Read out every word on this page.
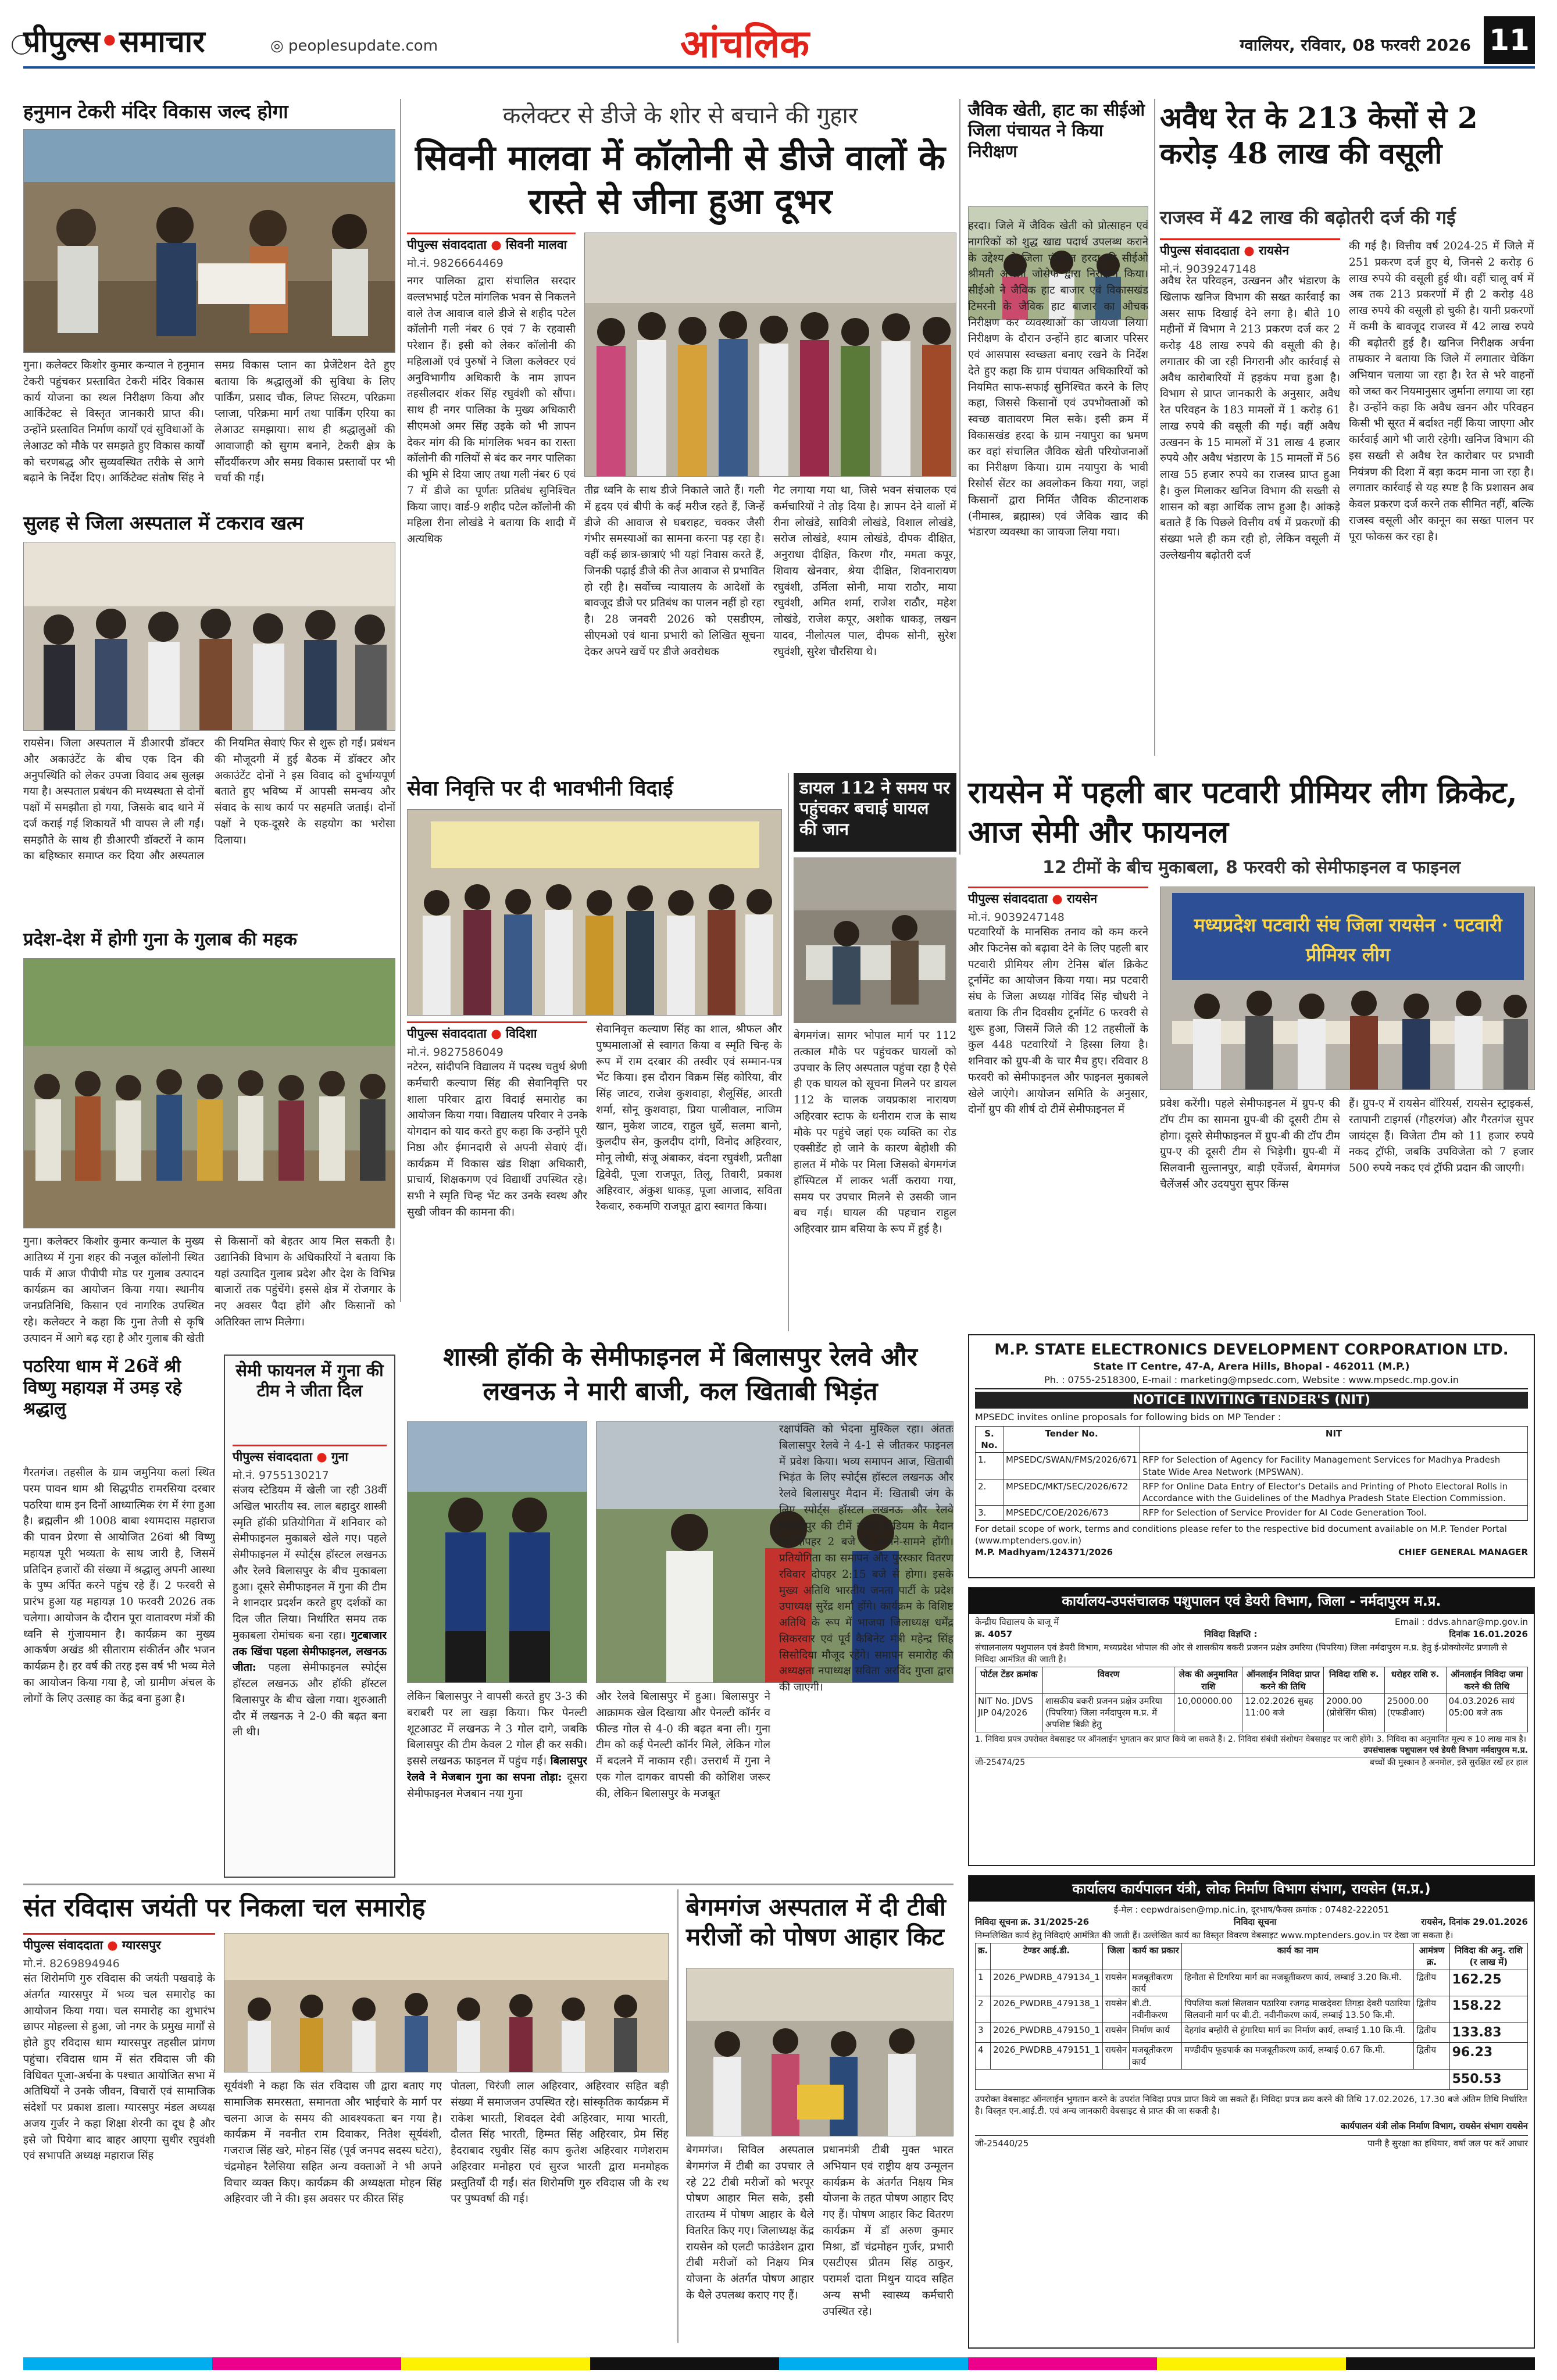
पीपुल्स•समाचार	◎ peoplesupdate.com	आंचलिक	ग्वालियर, रविवार, 08 फरवरी 2026 11
हनुमान टेकरी मंदिर विकास जल्द होगा
गुना। कलेक्टर किशोर कुमार कन्याल ने हनुमान टेकरी पहुंचकर प्रस्तावित टेकरी मंदिर विकास कार्य योजना का स्थल निरीक्षण किया और आर्किटेक्ट से विस्तृत जानकारी प्राप्त की। उन्होंने प्रस्तावित निर्माण कार्यों एवं सुविधाओं के लेआउट को मौके पर समझते हुए विकास कार्यों को चरणबद्ध और सुव्यवस्थित तरीके से आगे बढ़ाने के निर्देश दिए। आर्किटेक्ट संतोष सिंह ने समग्र विकास प्लान का प्रेजेंटेशन देते हुए बताया कि श्रद्धालुओं की सुविधा के लिए पार्किंग, प्रसाद चौक, लिफ्ट सिस्टम, परिक्रमा प्लाजा, परिक्रमा मार्ग तथा पार्किंग एरिया का लेआउट समझाया। साथ ही श्रद्धालुओं की आवाजाही को सुगम बनाने, टेकरी क्षेत्र के सौंदर्यीकरण और समग्र विकास प्रस्तावों पर भी चर्चा की गई।
सुलह से जिला अस्पताल में टकराव खत्म
रायसेन। जिला अस्पताल में डीआरपी डॉक्टर और अकाउंटेंट के बीच एक दिन की अनुपस्थिति को लेकर उपजा विवाद अब सुलझ गया है। अस्पताल प्रबंधन की मध्यस्थता से दोनों पक्षों में समझौता हो गया, जिसके बाद थाने में दर्ज कराई गई शिकायतें भी वापस ले ली गईं। समझौते के साथ ही डीआरपी डॉक्टरों ने काम का बहिष्कार समाप्त कर दिया और अस्पताल की नियमित सेवाएं फिर से शुरू हो गईं। प्रबंधन की मौजूदगी में हुई बैठक में डॉक्टर और अकाउंटेंट दोनों ने इस विवाद को दुर्भाग्यपूर्ण बताते हुए भविष्य में आपसी समन्वय और संवाद के साथ कार्य पर सहमति जताई। दोनों पक्षों ने एक-दूसरे के सहयोग का भरोसा दिलाया।
प्रदेश-देश में होगी गुना के गुलाब की महक
गुना। कलेक्टर किशोर कुमार कन्याल के मुख्य आतिथ्य में गुना शहर की नजूल कॉलोनी स्थित पार्क में आज पीपीपी मोड पर गुलाब उत्पादन कार्यक्रम का आयोजन किया गया। स्थानीय जनप्रतिनिधि, किसान एवं नागरिक उपस्थित रहे। कलेक्टर ने कहा कि गुना तेजी से कृषि उत्पादन में आगे बढ़ रहा है और गुलाब की खेती से किसानों को बेहतर आय मिल सकती है। उद्यानिकी विभाग के अधिकारियों ने बताया कि यहां उत्पादित गुलाब प्रदेश और देश के विभिन्न बाजारों तक पहुंचेंगे। इससे क्षेत्र में रोजगार के नए अवसर पैदा होंगे और किसानों को अतिरिक्त लाभ मिलेगा।
पठरिया धाम में 26वें श्री विष्णु महायज्ञ में उमड़ रहे श्रद्धालु
गैरतगंज। तहसील के ग्राम जमुनिया कलां स्थित परम पावन धाम श्री सिद्धपीठ रामरसिया दरबार पठरिया धाम इन दिनों आध्यात्मिक रंग में रंगा हुआ है। ब्रह्मलीन श्री 1008 बाबा श्यामदास महाराज की पावन प्रेरणा से आयोजित 26वां श्री विष्णु महायज्ञ पूरी भव्यता के साथ जारी है, जिसमें प्रतिदिन हजारों की संख्या में श्रद्धालु अपनी आस्था के पुष्प अर्पित करने पहुंच रहे हैं। 2 फरवरी से प्रारंभ हुआ यह महायज्ञ 10 फरवरी 2026 तक चलेगा। आयोजन के दौरान पूरा वातावरण मंत्रों की ध्वनि से गुंजायमान है। कार्यक्रम का मुख्य आकर्षण अखंड श्री सीताराम संकीर्तन और भजन कार्यक्रम है। हर वर्ष की तरह इस वर्ष भी भव्य मेले का आयोजन किया गया है, जो ग्रामीण अंचल के लोगों के लिए उत्साह का केंद्र बना हुआ है।
सेमी फायनल में गुना की टीम ने जीता दिल
पीपुल्स संवाददाता ● गुना
मो.नं. 9755130217
संजय स्टेडियम में खेली जा रही 38वीं अखिल भारतीय स्व. लाल बहादुर शास्त्री स्मृति हॉकी प्रतियोगिता में शनिवार को सेमीफाइनल मुकाबले खेले गए। पहले सेमीफाइनल में स्पोर्ट्स हॉस्टल लखनऊ और रेलवे बिलासपुर के बीच मुकाबला हुआ। दूसरे सेमीफाइनल में गुना की टीम ने शानदार प्रदर्शन करते हुए दर्शकों का दिल जीत लिया। निर्धारित समय तक मुकाबला रोमांचक बना रहा। गुटबाजार तक खिंचा पहला सेमीफाइनल, लखनऊ जीता: पहला सेमीफाइनल स्पोर्ट्स हॉस्टल लखनऊ और हॉकी हॉस्टल बिलासपुर के बीच खेला गया। शुरुआती दौर में लखनऊ ने 2-0 की बढ़त बना ली थी।
कलेक्टर से डीजे के शोर से बचाने की गुहार
सिवनी मालवा में कॉलोनी से डीजे वालों के रास्ते से जीना हुआ दूभर
पीपुल्स संवाददाता ● सिवनी मालवा
मो.नं. 9826664469
नगर पालिका द्वारा संचालित सरदार वल्लभभाई पटेल मांगलिक भवन से निकलने वाले तेज आवाज वाले डीजे से शहीद पटेल कॉलोनी गली नंबर 6 एवं 7 के रहवासी परेशान हैं। इसी को लेकर कॉलोनी की महिलाओं एवं पुरुषों ने जिला कलेक्टर एवं अनुविभागीय अधिकारी के नाम ज्ञापन तहसीलदार शंकर सिंह रघुवंशी को सौंपा। साथ ही नगर पालिका के मुख्य अधिकारी सीएमओ अमर सिंह उइके को भी ज्ञापन देकर मांग की कि मांगलिक भवन का रास्ता कॉलोनी की गलियों से बंद कर नगर पालिका की भूमि से दिया जाए तथा गली नंबर 6 एवं 7 में डीजे का पूर्णतः प्रतिबंध सुनिश्चित किया जाए। वार्ड-9 शहीद पटेल कॉलोनी की महिला रीना लोखंडे ने बताया कि शादी में अत्यधिक
तीव्र ध्वनि के साथ डीजे निकाले जाते हैं। गली में हृदय एवं बीपी के कई मरीज रहते हैं, जिन्हें डीजे की आवाज से घबराहट, चक्कर जैसी गंभीर समस्याओं का सामना करना पड़ रहा है। वहीं कई छात्र-छात्राएं भी यहां निवास करते हैं, जिनकी पढ़ाई डीजे की तेज आवाज से प्रभावित हो रही है। सर्वोच्च न्यायालय के आदेशों के बावजूद डीजे पर प्रतिबंध का पालन नहीं हो रहा है। 28 जनवरी 2026 को एसडीएम, सीएमओ एवं थाना प्रभारी को लिखित सूचना देकर अपने खर्चे पर डीजे अवरोधक
गेट लगाया गया था, जिसे भवन संचालक एवं कर्मचारियों ने तोड़ दिया है। ज्ञापन देने वालों में रीना लोखंडे, सावित्री लोखंडे, विशाल लोखंडे, सरोज लोखंडे, श्याम लोखंडे, दीपक दीक्षित, अनुराधा दीक्षित, किरण गौर, ममता कपूर, शिवाय खेनवार, श्रेया दीक्षित, शिवनारायण रघुवंशी, उर्मिला सोनी, माया राठौर, माया रघुवंशी, अमित शर्मा, राजेश राठौर, महेश लोखंडे, राजेश कपूर, अशोक धाकड़, लखन यादव, नीलोत्पल पाल, दीपक सोनी, सुरेश रघुवंशी, सुरेश चौरसिया थे।
सेवा निवृत्ति पर दी भावभीनी विदाई
पीपुल्स संवाददाता ● विदिशा
मो.नं. 9827586049
नटेरन, सांदीपनि विद्यालय में पदस्थ चतुर्थ श्रेणी कर्मचारी कल्याण सिंह की सेवानिवृत्ति पर शाला परिवार द्वारा विदाई समारोह का आयोजन किया गया। विद्यालय परिवार ने उनके योगदान को याद करते हुए कहा कि उन्होंने पूरी निष्ठा और ईमानदारी से अपनी सेवाएं दीं। कार्यक्रम में विकास खंड शिक्षा अधिकारी, प्राचार्य, शिक्षकगण एवं विद्यार्थी उपस्थित रहे। सभी ने स्मृति चिन्ह भेंट कर उनके स्वस्थ और सुखी जीवन की कामना की।
सेवानिवृत्त कल्याण सिंह का शाल, श्रीफल और पुष्पमालाओं से स्वागत किया व स्मृति चिन्ह के रूप में राम दरबार की तस्वीर एवं सम्मान-पत्र भेंट किया। इस दौरान विक्रम सिंह कोरिया, वीर सिंह जाटव, राजेश कुशवाहा, शैलूसिंह, आरती शर्मा, सोनू कुशवाहा, प्रिया पालीवाल, नाजिम खान, मुकेश जाटव, राहुल धुर्वे, सलमा बानो, कुलदीप सेन, कुलदीप दांगी, विनोद अहिरवार, मोनू लोधी, संजू अंबाकर, वंदना रघुवंशी, प्रतीक्षा द्विवेदी, पूजा राजपूत, तिलू, तिवारी, प्रकाश अहिरवार, अंकुश धाकड़, पूजा आजाद, सविता रैकवार, रुकमणि राजपूत द्वारा स्वागत किया।
डायल 112 ने समय पर पहुंचकर बचाई घायल की जान
बेगमगंज। सागर भोपाल मार्ग पर 112 तत्काल मौके पर पहुंचकर घायलों को उपचार के लिए अस्पताल पहुंचा रहा है ऐसे ही एक घायल को सूचना मिलने पर डायल 112 के चालक जयप्रकाश नारायण अहिरवार स्टाफ के धनीराम राज के साथ मौके पर पहुंचे जहां एक व्यक्ति का रोड एक्सीडेंट हो जाने के कारण बेहोशी की हालत में मौके पर मिला जिसको बेगमगंज हॉस्पिटल में लाकर भर्ती कराया गया, समय पर उपचार मिलने से उसकी जान बच गई। घायल की पहचान राहुल अहिरवार ग्राम बसिया के रूप में हुई है।
जैविक खेती, हाट का सीईओ जिला पंचायत ने किया निरीक्षण
हरदा। जिले में जैविक खेती को प्रोत्साहन एवं नागरिकों को शुद्ध खाद्य पदार्थ उपलब्ध कराने के उद्देश्य से जिला पंचायत हरदा की सीईओ श्रीमती अंजली जोसेफ द्वारा निरीक्षण किया। सीईओ ने जैविक हाट बाजार एवं विकासखंड टिमरनी के जैविक हाट बाजार का औचक निरीक्षण कर व्यवस्थाओं का जायजा लिया। निरीक्षण के दौरान उन्होंने हाट बाजार परिसर एवं आसपास स्वच्छता बनाए रखने के निर्देश देते हुए कहा कि ग्राम पंचायत अधिकारियों को नियमित साफ-सफाई सुनिश्चित करने के लिए कहा, जिससे किसानों एवं उपभोक्ताओं को स्वच्छ वातावरण मिल सके। इसी क्रम में विकासखंड हरदा के ग्राम नयापुरा का भ्रमण कर वहां संचालित जैविक खेती परियोजनाओं का निरीक्षण किया। ग्राम नयापुरा के भावी रिसोर्स सेंटर का अवलोकन किया गया, जहां किसानों द्वारा निर्मित जैविक कीटनाशक (नीमास्त्र, ब्रह्मास्त्र) एवं जैविक खाद की भंडारण व्यवस्था का जायजा लिया गया।
अवैध रेत के 213 केसों से 2 करोड़ 48 लाख की वसूली
राजस्व में 42 लाख की बढ़ोतरी दर्ज की गई
पीपुल्स संवाददाता ● रायसेन
मो.नं. 9039247148
अवैध रेत परिवहन, उत्खनन और भंडारण के खिलाफ खनिज विभाग की सख्त कार्रवाई का असर साफ दिखाई देने लगा है। बीते 10 महीनों में विभाग ने 213 प्रकरण दर्ज कर 2 करोड़ 48 लाख रुपये की वसूली की है। लगातार की जा रही निगरानी और कार्रवाई से अवैध कारोबारियों में हड़कंप मचा हुआ है। विभाग से प्राप्त जानकारी के अनुसार, अवैध रेत परिवहन के 183 मामलों में 1 करोड़ 61 लाख रुपये की वसूली की गई। वहीं अवैध उत्खनन के 15 मामलों में 31 लाख 4 हजार रुपये और अवैध भंडारण के 15 मामलों में 56 लाख 55 हजार रुपये का राजस्व प्राप्त हुआ है। कुल मिलाकर खनिज विभाग की सख्ती से शासन को बड़ा आर्थिक लाभ हुआ है। आंकड़े बताते हैं कि पिछले वित्तीय वर्ष में प्रकरणों की संख्या भले ही कम रही हो, लेकिन वसूली में उल्लेखनीय बढ़ोतरी दर्ज
की गई है। वित्तीय वर्ष 2024-25 में जिले में 251 प्रकरण दर्ज हुए थे, जिनसे 2 करोड़ 6 लाख रुपये की वसूली हुई थी। वहीं चालू वर्ष में अब तक 213 प्रकरणों में ही 2 करोड़ 48 लाख रुपये की वसूली हो चुकी है। यानी प्रकरणों में कमी के बावजूद राजस्व में 42 लाख रुपये की बढ़ोतरी हुई है। खनिज निरीक्षक अर्चना ताम्रकार ने बताया कि जिले में लगातार चेकिंग अभियान चलाया जा रहा है। रेत से भरे वाहनों को जब्त कर नियमानुसार जुर्माना लगाया जा रहा है। उन्होंने कहा कि अवैध खनन और परिवहन किसी भी सूरत में बर्दाश्त नहीं किया जाएगा और कार्रवाई आगे भी जारी रहेगी। खनिज विभाग की इस सख्ती से अवैध रेत कारोबार पर प्रभावी नियंत्रण की दिशा में बड़ा कदम माना जा रहा है। लगातार कार्रवाई से यह स्पष्ट है कि प्रशासन अब केवल प्रकरण दर्ज करने तक सीमित नहीं, बल्कि राजस्व वसूली और कानून का सख्त पालन पर पूरा फोकस कर रहा है।
रायसेन में पहली बार पटवारी प्रीमियर लीग क्रिकेट, आज सेमी और फायनल
12 टीमों के बीच मुकाबला, 8 फरवरी को सेमीफाइनल व फाइनल
पीपुल्स संवाददाता ● रायसेन
मो.नं. 9039247148
पटवारियों के मानसिक तनाव को कम करने और फिटनेस को बढ़ावा देने के लिए पहली बार पटवारी प्रीमियर लीग टेनिस बॉल क्रिकेट टूर्नामेंट का आयोजन किया गया। मप्र पटवारी संघ के जिला अध्यक्ष गोविंद सिंह चौधरी ने बताया कि तीन दिवसीय टूर्नामेंट 6 फरवरी से शुरू हुआ, जिसमें जिले की 12 तहसीलों के कुल 448 पटवारियों ने हिस्सा लिया है। शनिवार को ग्रुप-बी के चार मैच हुए। रविवार 8 फरवरी को सेमीफाइनल और फाइनल मुकाबले खेले जाएंगे। आयोजन समिति के अनुसार, दोनों ग्रुप की शीर्ष दो टीमें सेमीफाइनल में
मध्यप्रदेश पटवारी संघ जिला रायसेन · पटवारी प्रीमियर लीग
प्रवेश करेंगी। पहले सेमीफाइनल में ग्रुप-ए की टॉप टीम का सामना ग्रुप-बी की दूसरी टीम से होगा। दूसरे सेमीफाइनल में ग्रुप-बी की टॉप टीम ग्रुप-ए की दूसरी टीम से भिड़ेगी। ग्रुप-बी में सिलवानी सुल्तानपुर, बाड़ी एवेंजर्स, बेगमगंज चैलेंजर्स और उदयपुरा सुपर किंग्स
हैं। ग्रुप-ए में रायसेन वॉरियर्स, रायसेन स्ट्राइकर्स, रतापानी टाइगर्स (गौहरगंज) और गैरतगंज सुपर जायंट्स हैं। विजेता टीम को 11 हजार रुपये नकद ट्रॉफी, जबकि उपविजेता को 7 हजार 500 रुपये नकद एवं ट्रॉफी प्रदान की जाएगी।
शास्त्री हॉकी के सेमीफाइनल में बिलासपुर रेलवे और लखनऊ ने मारी बाजी, कल खिताबी भिड़ंत
लेकिन बिलासपुर ने वापसी करते हुए 3-3 की बराबरी पर ला खड़ा किया। फिर पेनल्टी शूटआउट में लखनऊ ने 3 गोल दागे, जबकि बिलासपुर की टीम केवल 2 गोल ही कर सकी। इससे लखनऊ फाइनल में पहुंच गई। बिलासपुर रेलवे ने मेजबान गुना का सपना तोड़ा: दूसरा सेमीफाइनल मेजबान नया गुना
और रेलवे बिलासपुर में हुआ। बिलासपुर ने आक्रामक खेल दिखाया और पेनल्टी कॉर्नर व फील्ड गोल से 4-0 की बढ़त बना ली। गुना टीम को कई पेनल्टी कॉर्नर मिले, लेकिन गोल में बदलने में नाकाम रही। उत्तरार्ध में गुना ने एक गोल दागकर वापसी की कोशिश जरूर की, लेकिन बिलासपुर के मजबूत
रक्षापंक्ति को भेदना मुश्किल रहा। अंततः बिलासपुर रेलवे ने 4-1 से जीतकर फाइनल में प्रवेश किया। भव्य समापन आज, खिताबी भिड़ंत के लिए स्पोर्ट्स हॉस्टल लखनऊ और रेलवे बिलासपुर मैदान में: खिताबी जंग के लिए स्पोर्ट्स हॉस्टल लखनऊ और रेलवे बिलासपुर की टीमें संजय स्टेडियम के मैदान पर दोपहर 2 बजे से आमने-सामने होंगी। प्रतियोगिता का समापन और पुरस्कार वितरण रविवार दोपहर 2:15 बजे से होगा। इसके मुख्य अतिथि भारतीय जनता पार्टी के प्रदेश उपाध्यक्ष सुरेंद्र शर्मा होंगे। कार्यक्रम के विशिष्ट अतिथि के रूप में भाजपा जिलाध्यक्ष धर्मेंद्र सिकरवार एवं पूर्व कैबिनेट मंत्री महेन्द्र सिंह सिसोदिया मौजूद रहेंगे। समापन समारोह की अध्यक्षता नपाध्यक्ष सविता अरविंद गुप्ता द्वारा की जाएगी।
संत रविदास जयंती पर निकला चल समारोह
पीपुल्स संवाददाता ● ग्यारसपुर
मो.नं. 8269894946
संत शिरोमणि गुरु रविदास की जयंती पखवाड़े के अंतर्गत ग्यारसपुर में भव्य चल समारोह का आयोजन किया गया। चल समारोह का शुभारंभ छापर मोहल्ला से हुआ, जो नगर के प्रमुख मार्गों से होते हुए रविदास धाम ग्यारसपुर तहसील प्रांगण पहुंचा। रविदास धाम में संत रविदास जी की विधिवत पूजा-अर्चना के पश्चात आयोजित सभा में अतिथियों ने उनके जीवन, विचारों एवं सामाजिक संदेशों पर प्रकाश डाला। ग्यारसपुर मंडल अध्यक्ष अजय गुर्जर ने कहा शिक्षा शेरनी का दूध है और इसे जो पियेगा बाद बाहर आएगा सुधीर रघुवंशी एवं सभापति अध्यक्ष महाराज सिंह
सूर्यवंशी ने कहा कि संत रविदास जी द्वारा बताए गए सामाजिक समरसता, समानता और भाईचारे के मार्ग पर चलना आज के समय की आवश्यकता बन गया है। कार्यक्रम में नवनीत राम दिवाकर, नितेश सूर्यवंशी, गजराज सिंह खरे, मोहन सिंह (पूर्व जनपद सदस्य घटेरा), चंद्रमोहन रैलेसिया सहित अन्य वक्ताओं ने भी अपने विचार व्यक्त किए। कार्यक्रम की अध्यक्षता मोहन सिंह अहिरवार जी ने की। इस अवसर पर कीरत सिंह
पोतला, चिरंजी लाल अहिरवार, अहिरवार सहित बड़ी संख्या में समाजजन उपस्थित रहे। सांस्कृतिक कार्यक्रम में राकेश भारती, शिवदल देवी अहिरवार, माया भारती, दौलत सिंह भारती, हिम्मत सिंह अहिरवार, प्रेम सिंह हैदराबाद रघुवीर सिंह काप कुतेश अहिरवार गणेशराम अहिरवार मनोहरा एवं सुरज भारती द्वारा मनमोहक प्रस्तुतियाँ दी गईं। संत शिरोमणि गुरु रविदास जी के रथ पर पुष्पवर्षा की गई।
बेगमगंज अस्पताल में दी टीबी मरीजों को पोषण आहार किट
बेगमगंज। सिविल अस्पताल बेगमगंज में टीबी का उपचार ले रहे 22 टीबी मरीजों को भरपूर पोषण आहार मिल सके, इसी तारतम्य में पोषण आहार के थैले वितरित किए गए। जिलाध्यक्ष केंद्र रायसेन को एलटी फाउंडेशन द्वारा टीबी मरीजों को निक्षय मित्र योजना के अंतर्गत पोषण आहार के थैले उपलब्ध कराए गए हैं।
प्रधानमंत्री टीबी मुक्त भारत अभियान एवं राष्ट्रीय क्षय उन्मूलन कार्यक्रम के अंतर्गत निक्षय मित्र योजना के तहत पोषण आहार दिए गए हैं। पोषण आहार किट वितरण कार्यक्रम में डॉ अरुण कुमार मिश्रा, डॉ चंद्रमोहन गुर्जर, प्रभारी एसटीएस प्रीतम सिंह ठाकुर, परामर्श दाता मिथुन यादव सहित अन्य सभी स्वास्थ्य कर्मचारी उपस्थित रहे।
M.P. STATE ELECTRONICS DEVELOPMENT CORPORATION LTD.
State IT Centre, 47-A, Arera Hills, Bhopal - 462011 (M.P.)
Ph. : 0755-2518300, E-mail : marketing@mpsedc.com, Website : www.mpsedc.mp.gov.in
NOTICE INVITING TENDER'S (NIT)
MPSEDC invites online proposals for following bids on MP Tender :
S. No.	Tender No.	NIT
1.	MPSEDC/SWAN/FMS/2026/671	RFP for Selection of Agency for Facility Management Services for Madhya Pradesh State Wide Area Network (MPSWAN).
2.	MPSEDC/MKT/SEC/2026/672	RFP for Online Data Entry of Elector's Details and Printing of Photo Electoral Rolls in Accordance with the Guidelines of the Madhya Pradesh State Election Commission.
3.	MPSEDC/COE/2026/673	RFP for Selection of Service Provider for AI Code Generation Tool.
For detail scope of work, terms and conditions please refer to the respective bid document available on M.P. Tender Portal (www.mptenders.gov.in)
M.P. Madhyam/124371/2026	CHIEF GENERAL MANAGER
कार्यालय-उपसंचालक पशुपालन एवं डेयरी विभाग, जिला - नर्मदापुरम म.प्र.
केन्द्रीय विद्यालय के बाजू में	Email : ddvs.ahnar@mp.gov.in
क्र. 4057	निविदा विज्ञप्ति :	दिनांक 16.01.2026
संचालनालय पशुपालन एवं डेयरी विभाग, मध्यप्रदेश भोपाल की ओर से शासकीय बकरी प्रजनन प्रक्षेत्र उमरिया (पिपरिया) जिला नर्मदापुरम म.प्र. हेतु ई-प्रोक्योरमेंट प्रणाली से निविदा आमंत्रित की जाती है।
पोर्टल टेंडर क्रमांक	विवरण	लेक की अनुमानित राशि	ऑनलाईन निविदा प्राप्त करने की तिथि	निविदा राशि रु.	धरोहर राशि रु.	ऑनलाईन निविदा जमा करने की तिथि
NIT No. JDVS JIP 04/2026	शासकीय बकरी प्रजनन प्रक्षेत्र उमरिया (पिपरिया) जिला नर्मदापुरम म.प्र. में अपशिष्ट बिक्री हेतु	10,00000.00	12.02.2026 सुबह 11:00 बजे	2000.00 (प्रोसेसिंग फीस)	25000.00 (एफडीआर)	04.03.2026 सायं 05:00 बजे तक
1. निविदा प्रपत्र उपरोक्त वेबसाइट पर ऑनलाईन भुगतान कर प्राप्त किये जा सकते हैं। 2. निविदा संबंधी संशोधन वेबसाइट पर जारी होंगे। 3. निविदा का अनुमानित मूल्य रु 10 लाख मात्र है।
उपसंचालक पशुपालन एवं डेयरी विभाग नर्मदापुरम म.प्र.
जी-25474/25	बच्चों की मुस्कान है अनमोल, इसे सुरक्षित रखें हर हाल
कार्यालय कार्यपालन यंत्री, लोक निर्माण विभाग संभाग, रायसेन (म.प्र.)
ई-मेल : eepwdraisen@mp.nic.in, दूरभाष/फैक्स क्रमांक : 07482-222051
निविदा सूचना क्र. 31/2025-26	निविदा सूचना	रायसेन, दिनांक 29.01.2026
निम्नलिखित कार्य हेतु निविदाएं आमंत्रित की जाती हैं। उल्लेखित कार्य का विस्तृत विवरण वेबसाइट www.mptenders.gov.in पर देखा जा सकता है।
क्र.	टेण्डर आई.डी.	जिला	कार्य का प्रकार	कार्य का नाम	आमंत्रण क्र.	निविदा की अनु. राशि (र लाख में)
1	2026_PWDRB_479134_1	रायसेन	मजबूतीकरण कार्य	हिनौता से टिगरिया मार्ग का मजबूतीकरण कार्य, लम्बाई 3.20 कि.मी.	द्वितीय	162.25
2	2026_PWDRB_479138_1	रायसेन	बी.टी. नवीनीकरण	पिपलिया कलां सिलवान पठारिया रजगढ़ माखदेवरा तिगड़ा देवरी पठारिया सिलवानी मार्ग पर बी.टी. नवीनीकरण कार्य, लम्बाई 13.50 कि.मी.	द्वितीय	158.22
3	2026_PWDRB_479150_1	रायसेन	निर्माण कार्य	देहगांव बम्होरी से हुंगारिया मार्ग का निर्माण कार्य, लम्बाई 1.10 कि.मी.	द्वितीय	133.83
4	2026_PWDRB_479151_1	रायसेन	मजबूतीकरण कार्य	मण्डीदीप फूडपार्क का मजबूतीकरण कार्य, लम्बाई 0.67 कि.मी.	द्वितीय	96.23
						550.53
उपरोक्त वेबसाइट ऑनलाईन भुगतान करने के उपरांत निविदा प्रपत्र प्राप्त किये जा सकते हैं। निविदा प्रपत्र क्रय करने की तिथि 17.02.2026, 17.30 बजे अंतिम तिथि निर्धारित है। विस्तृत एन.आई.टी. एवं अन्य जानकारी वेबसाइट से प्राप्त की जा सकती है।
कार्यपालन यंत्री लोक निर्माण विभाग, रायसेन संभाग रायसेन
जी-25440/25	पानी है सुरक्षा का हथियार, वर्षा जल पर करें आधार
